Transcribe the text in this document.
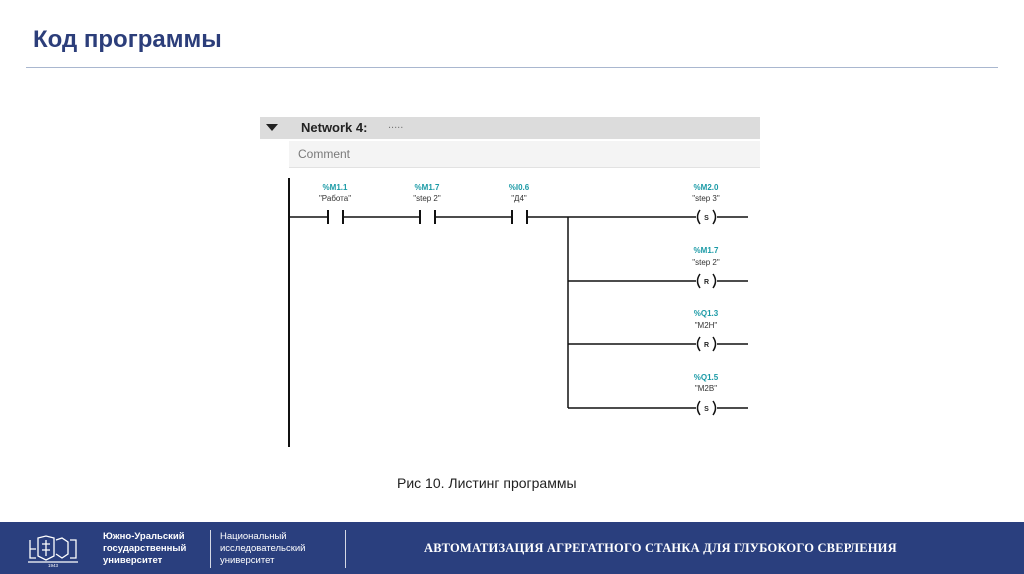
Код программы
Network 4: .....
Comment
%M1.1
"Работа"
%M1.7
"step 2"
%I0.6
"Д4"
%M2.0
"step 3"
S
%M1.7
"step 2"
R
%Q1.3
"M2H"
R
%Q1.5
"M2B"
S
Рис 10. Листинг программы
1943
Южно-Уральский
государственный
университет
Национальный
исследовательский
университет
АВТОМАТИЗАЦИЯ АГРЕГАТНОГО СТАНКА ДЛЯ ГЛУБОКОГО СВЕРЛЕНИЯ
